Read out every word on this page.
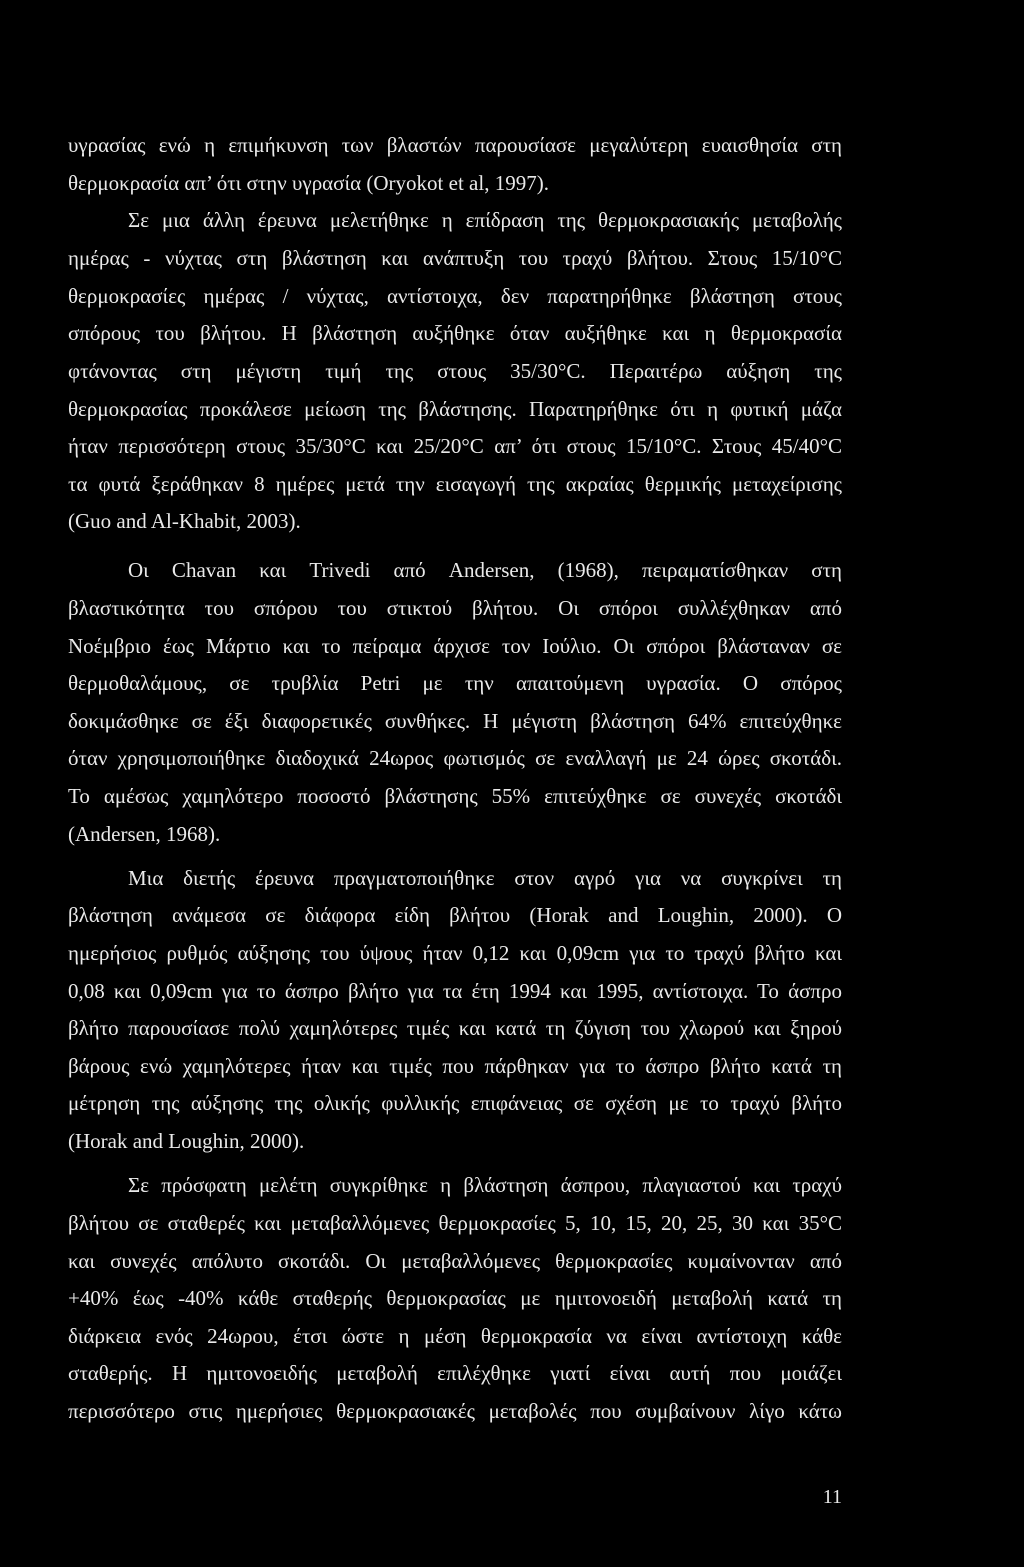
υγρασίας ενώ η επιμήκυνση των βλαστών παρουσίασε μεγαλύτερη ευαισθησία στη
θερμοκρασία απ’ ότι στην υγρασία (Oryokot et al, 1997).
Σε μια άλλη έρευνα μελετήθηκε η επίδραση της θερμοκρασιακής μεταβολής
ημέρας - νύχτας στη βλάστηση και ανάπτυξη του τραχύ βλήτου. Στους 15/10°C
θερμοκρασίες ημέρας / νύχτας, αντίστοιχα, δεν παρατηρήθηκε βλάστηση στους
σπόρους του βλήτου. Η βλάστηση αυξήθηκε όταν αυξήθηκε και η θερμοκρασία
φτάνοντας στη μέγιστη τιμή της στους 35/30°C. Περαιτέρω αύξηση της
θερμοκρασίας προκάλεσε μείωση της βλάστησης. Παρατηρήθηκε ότι η φυτική μάζα
ήταν περισσότερη στους 35/30°C και 25/20°C απ’ ότι στους 15/10°C. Στους 45/40°C
τα φυτά ξεράθηκαν 8 ημέρες μετά την εισαγωγή της ακραίας θερμικής μεταχείρισης
(Guo and Al-Khabit, 2003).
Οι Chavan και Trivedi από Andersen, (1968), πειραματίσθηκαν στη
βλαστικότητα του σπόρου του στικτού βλήτου. Οι σπόροι συλλέχθηκαν από
Νοέμβριο έως Μάρτιο και το πείραμα άρχισε τον Ιούλιο. Οι σπόροι βλάσταναν σε
θερμοθαλάμους, σε τρυβλία Petri με την απαιτούμενη υγρασία. Ο σπόρος
δοκιμάσθηκε σε έξι διαφορετικές συνθήκες. Η μέγιστη βλάστηση 64% επιτεύχθηκε
όταν χρησιμοποιήθηκε διαδοχικά 24ωρος φωτισμός σε εναλλαγή με 24 ώρες σκοτάδι.
Το αμέσως χαμηλότερο ποσοστό βλάστησης 55% επιτεύχθηκε σε συνεχές σκοτάδι
(Andersen, 1968).
Μια διετής έρευνα πραγματοποιήθηκε στον αγρό για να συγκρίνει τη
βλάστηση ανάμεσα σε διάφορα είδη βλήτου (Horak and Loughin, 2000). Ο
ημερήσιος ρυθμός αύξησης του ύψους ήταν 0,12 και 0,09cm για το τραχύ βλήτο και
0,08 και 0,09cm για το άσπρο βλήτο για τα έτη 1994 και 1995, αντίστοιχα. Το άσπρο
βλήτο παρουσίασε πολύ χαμηλότερες τιμές και κατά τη ζύγιση του χλωρού και ξηρού
βάρους ενώ χαμηλότερες ήταν και τιμές που πάρθηκαν για το άσπρο βλήτο κατά τη
μέτρηση της αύξησης της ολικής φυλλικής επιφάνειας σε σχέση με το τραχύ βλήτο
(Horak and Loughin, 2000).
Σε πρόσφατη μελέτη συγκρίθηκε η βλάστηση άσπρου, πλαγιαστού και τραχύ
βλήτου σε σταθερές και μεταβαλλόμενες θερμοκρασίες 5, 10, 15, 20, 25, 30 και 35°C
και συνεχές απόλυτο σκοτάδι. Οι μεταβαλλόμενες θερμοκρασίες κυμαίνονταν από
+40% έως -40% κάθε σταθερής θερμοκρασίας με ημιτονοειδή μεταβολή κατά τη
διάρκεια ενός 24ωρου, έτσι ώστε η μέση θερμοκρασία να είναι αντίστοιχη κάθε
σταθερής. Η ημιτονοειδής μεταβολή επιλέχθηκε γιατί είναι αυτή που μοιάζει
περισσότερο στις ημερήσιες θερμοκρασιακές μεταβολές που συμβαίνουν λίγο κάτω
11
